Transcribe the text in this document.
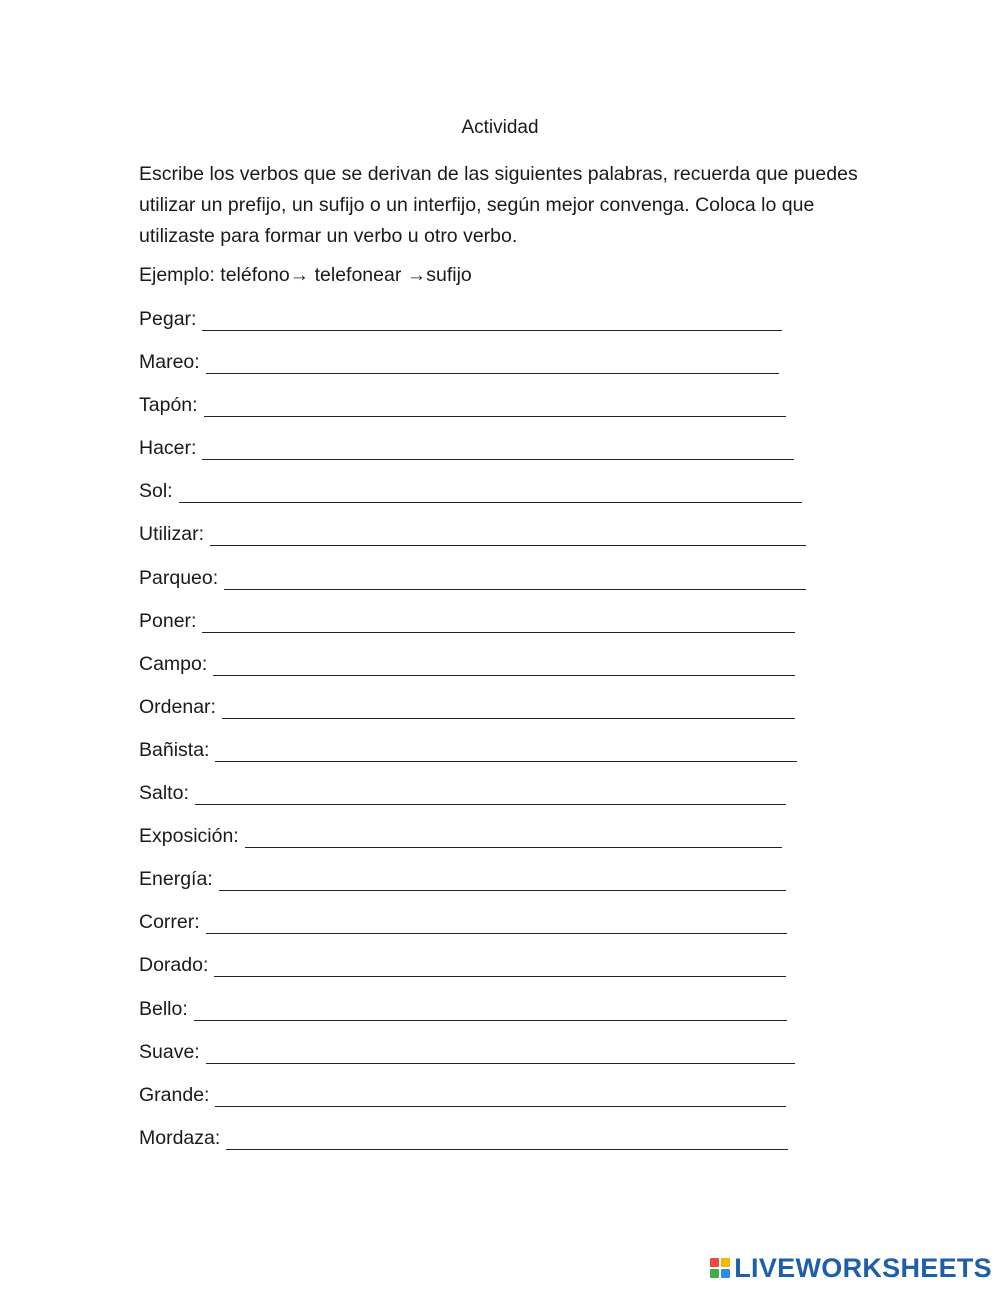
Actividad
Escribe los verbos que se derivan de las siguientes palabras, recuerda que puedes utilizar un prefijo, un sufijo o un interfijo, según mejor convenga. Coloca lo que utilizaste para formar un verbo u otro verbo.
Ejemplo: teléfono→ telefonear →sufijo
Pegar:
Mareo:
Tapón:
Hacer:
Sol:
Utilizar:
Parqueo:
Poner:
Campo:
Ordenar:
Bañista:
Salto:
Exposición:
Energía:
Correr:
Dorado:
Bello:
Suave:
Grande:
Mordaza:
LIVEWORKSHEETS
